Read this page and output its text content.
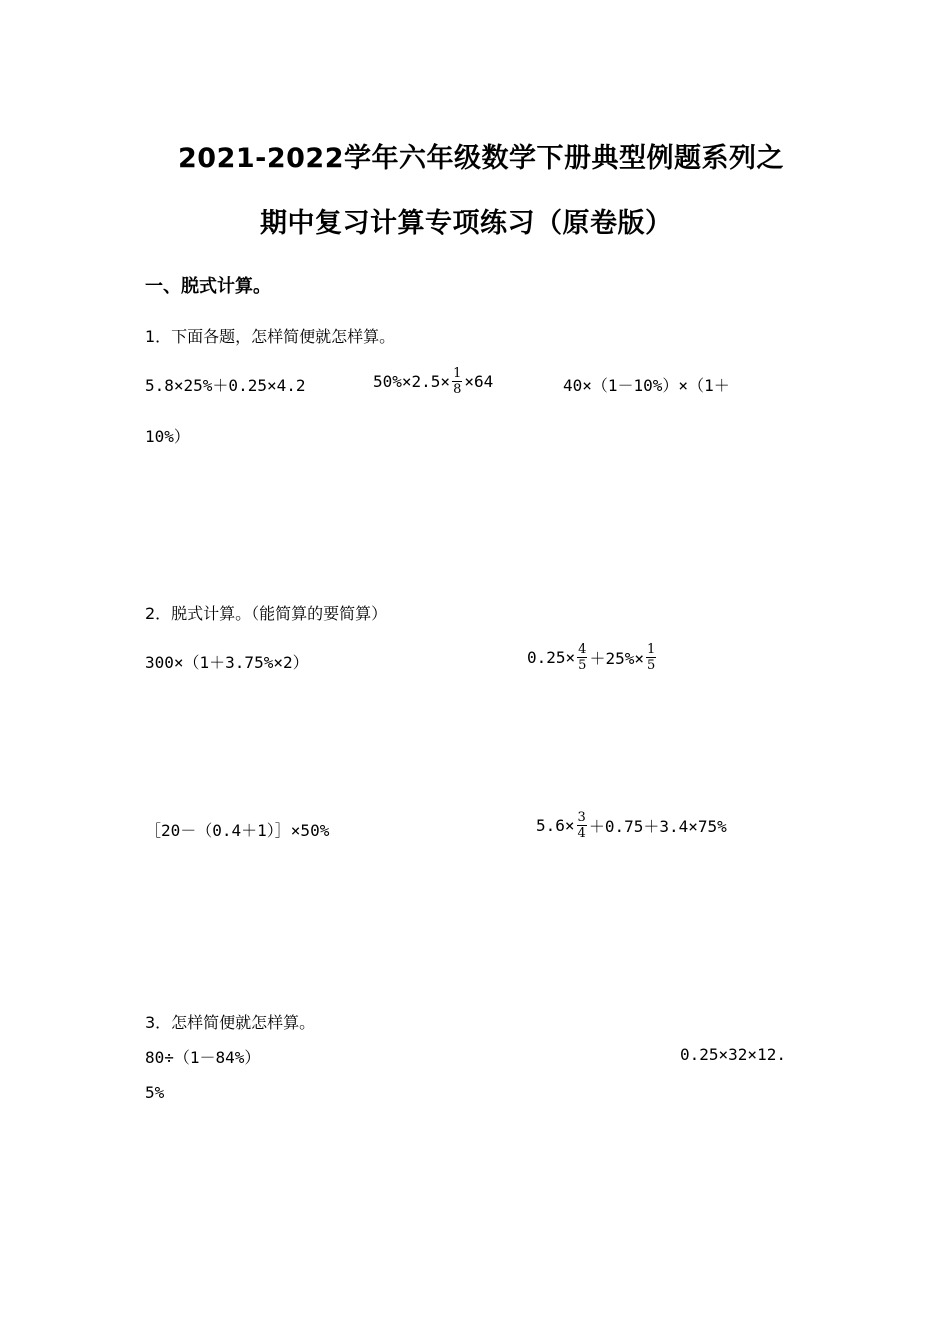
2021-2022学年六年级数学下册典型例题系列之
期中复习计算专项练习（原卷版）
一、脱式计算。
1．下面各题，怎样简便就怎样算。
5.8×25%＋0.25×4.2	$50\%\times 2.5\times \frac{1}{8} \times 64$	40×（1－10%）×（1＋
10%）
2．脱式计算。（能简算的要简算）
300×（1＋3.75%×2）	$0.25\times \frac{4}{5} +25\%\times \frac{1}{5}$
［20－（0.4＋1）］×50%	$5.6\times \frac{3}{4} +0.75+3.4\times 75\%$
3．怎样简便就怎样算。
80÷（1－84%）	0.25×32×12.
5%
